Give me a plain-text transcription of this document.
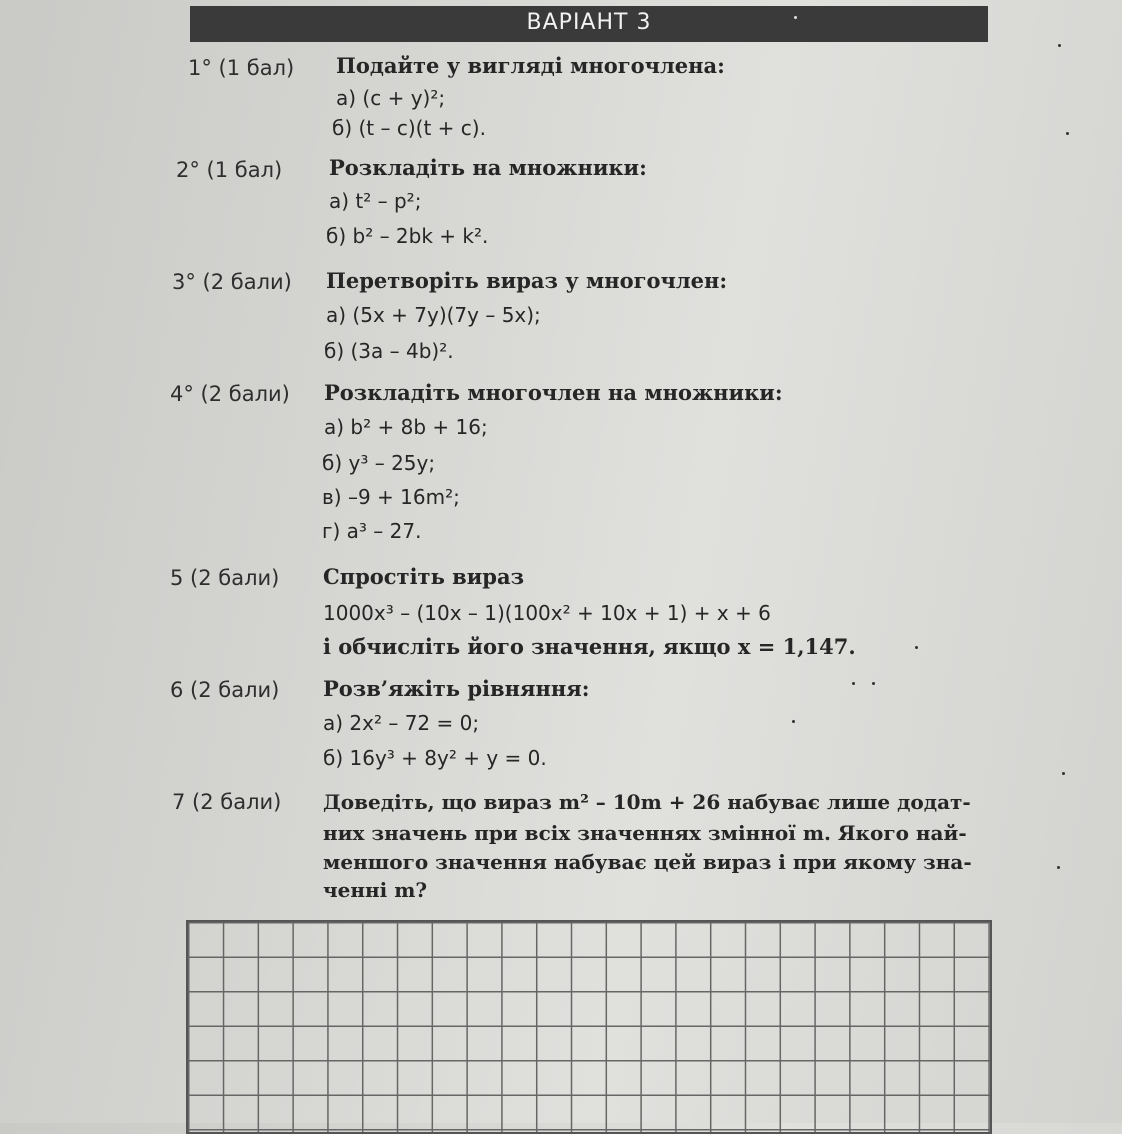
ВАРІАНТ 3
1° (1 бал) Подайте у вигляді многочлена:
а) (c + y)²;
б) (t – c)(t + c).
2° (1 бал) Розкладіть на множники:
а) t² – p²;
б) b² – 2bk + k².
3° (2 бали) Перетворіть вираз у многочлен:
а) (5x + 7y)(7y – 5x);
б) (3a – 4b)².
4° (2 бали) Розкладіть многочлен на множники:
а) b² + 8b + 16;
б) y³ – 25y;
в) –9 + 16m²;
г) a³ – 27.
5 (2 бали) Спростіть вираз
1000x³ – (10x – 1)(100x² + 10x + 1) + x + 6
і обчисліть його значення, якщо x = 1,147.
6 (2 бали) Розв’яжіть рівняння:
а) 2x² – 72 = 0;
б) 16y³ + 8y² + y = 0.
7 (2 бали) Доведіть, що вираз m² – 10m + 26 набуває лише додат-
них значень при всіх значеннях змінної m. Якого най-
меншого значення набуває цей вираз і при якому зна-
ченні m?
